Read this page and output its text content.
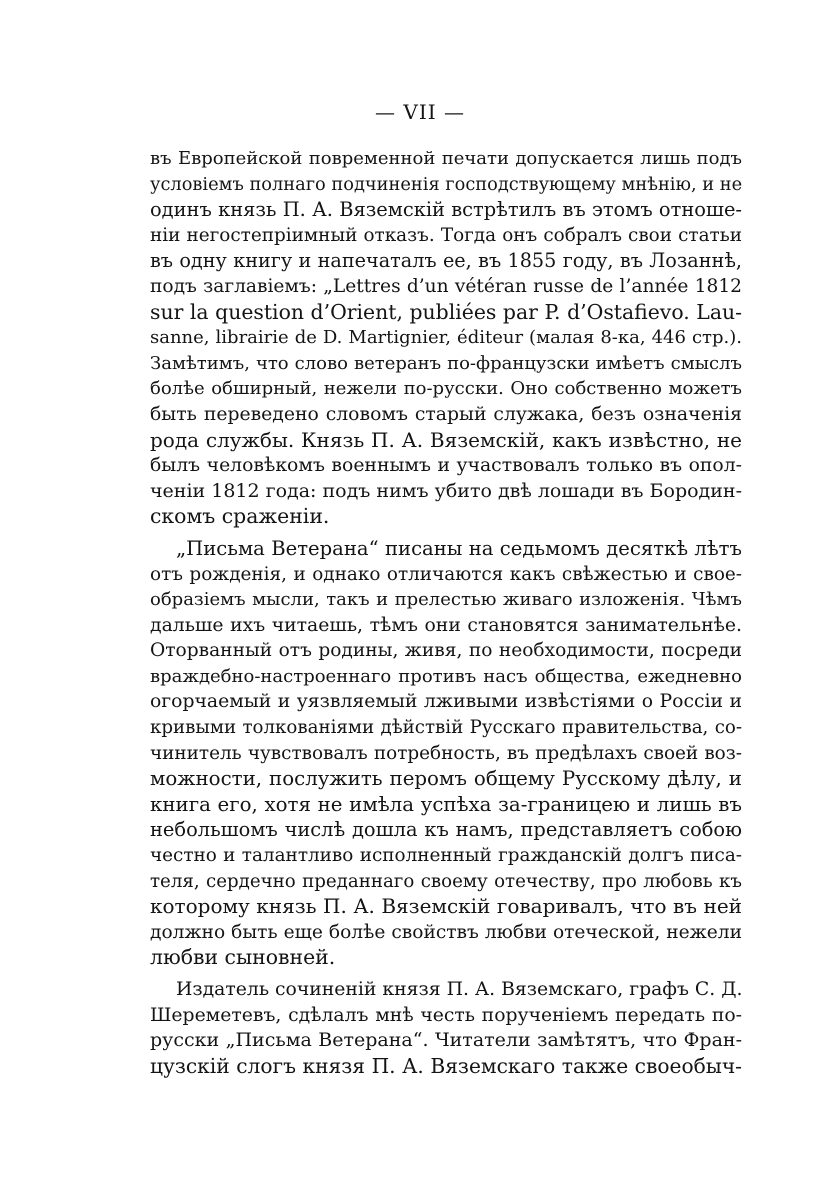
— VII —

въ Европейской повременной печати допускается лишь подъ
условіемъ полнаго подчиненія господствующему мнѣнію, и не
одинъ князь П. А. Вяземскій встрѣтилъ въ этомъ отноше-
ніи негостепріимный отказъ. Тогда онъ собралъ свои статьи
въ одну книгу и напечаталъ ее, въ 1855 году, въ Лозаннѣ,
подъ заглавіемъ: „Lettres d’un vétéran russe de l’année 1812
sur la question d’Orient, publiées par P. d’Ostafievo. Lau-
sanne, librairie de D. Martignier, éditeur (малая 8-ка, 446 стр.).
Замѣтимъ, что слово ветеранъ по-французски имѣетъ смыслъ
болѣе обширный, нежели по-русски. Оно собственно можетъ
быть переведено словомъ старый служака, безъ означенія
рода службы. Князь П. А. Вяземскій, какъ извѣстно, не
былъ человѣкомъ военнымъ и участвовалъ только въ опол-
ченіи 1812 года: подъ нимъ убито двѣ лошади въ Бородин-
скомъ сраженіи.

„Письма Ветерана“ писаны на седьмомъ десяткѣ лѣтъ
отъ рожденія, и однако отличаются какъ свѣжестью и свое-
образіемъ мысли, такъ и прелестью живаго изложенія. Чѣмъ
дальше ихъ читаешь, тѣмъ они становятся занимательнѣе.
Оторванный отъ родины, живя, по необходимости, посреди
враждебно-настроеннаго противъ насъ общества, ежедневно
огорчаемый и уязвляемый лживыми извѣстіями о Россіи и
кривыми толкованіями дѣйствій Русскаго правительства, со-
чинитель чувствовалъ потребность, въ предѣлахъ своей воз-
можности, послужить перомъ общему Русскому дѣлу, и
книга его, хотя не имѣла успѣха за-границею и лишь въ
небольшомъ числѣ дошла къ намъ, представляетъ собою
честно и талантливо исполненный гражданскій долгъ писа-
теля, сердечно преданнаго своему отечеству, про любовь къ
которому князь П. А. Вяземскій говаривалъ, что въ ней
должно быть еще болѣе свойствъ любви отеческой, нежели
любви сыновней.

Издатель сочиненій князя П. А. Вяземскаго, графъ С. Д.
Шереметевъ, сдѣлалъ мнѣ честь порученіемъ передать по-
русски „Письма Ветерана“. Читатели замѣтятъ, что Фран-
цузскій слогъ князя П. А. Вяземскаго также своеобыч-
